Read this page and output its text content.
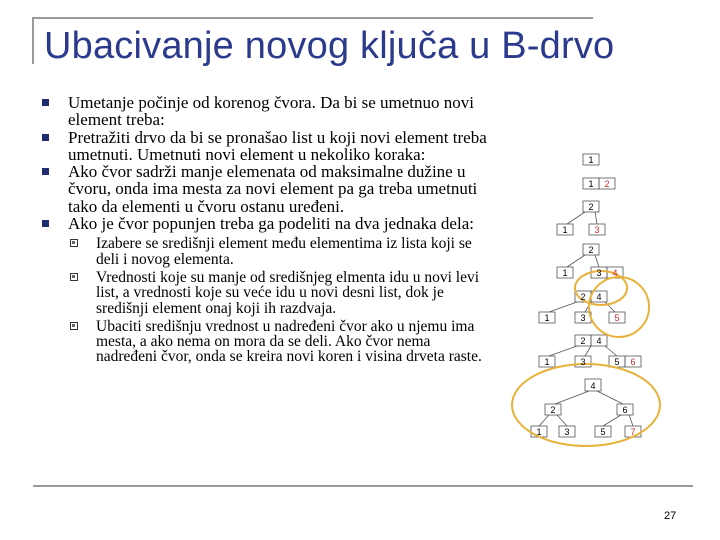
Ubacivanje novog ključa u B-drvo
Umetanje počinje od korenog čvora. Da bi se umetnuo novi element treba:
Pretražiti drvo da bi se pronašao list u koji novi element treba umetnuti. Umetnuti novi element u nekoliko koraka:
Ako čvor sadrži manje elemenata od maksimalne dužine u čvoru, onda ima mesta za novi element pa ga treba umetnuti tako da elementi u čvoru ostanu uređeni.
Ako je čvor popunjen treba ga podeliti na dva jednaka dela:
Izabere se središnji element među elementima iz lista koji se deli i novog elementa.
Vrednosti koje su manje od središnjeg elmenta idu u novi levi list, a vrednosti koje su veće idu u novi desni list, dok je središnji element onaj koji ih razdvaja.
Ubaciti središnju vrednost u nadređeni čvor ako u njemu ima mesta, a ako nema on mora da se deli. Ako čvor nema nadređeni čvor, onda se kreira novi koren i visina drveta raste.
1
1 2
2
1	3
2
1	3 4
2 4
1	3	5
2 4
1	3	5 6
4
2	6
1	3	5	7
27
